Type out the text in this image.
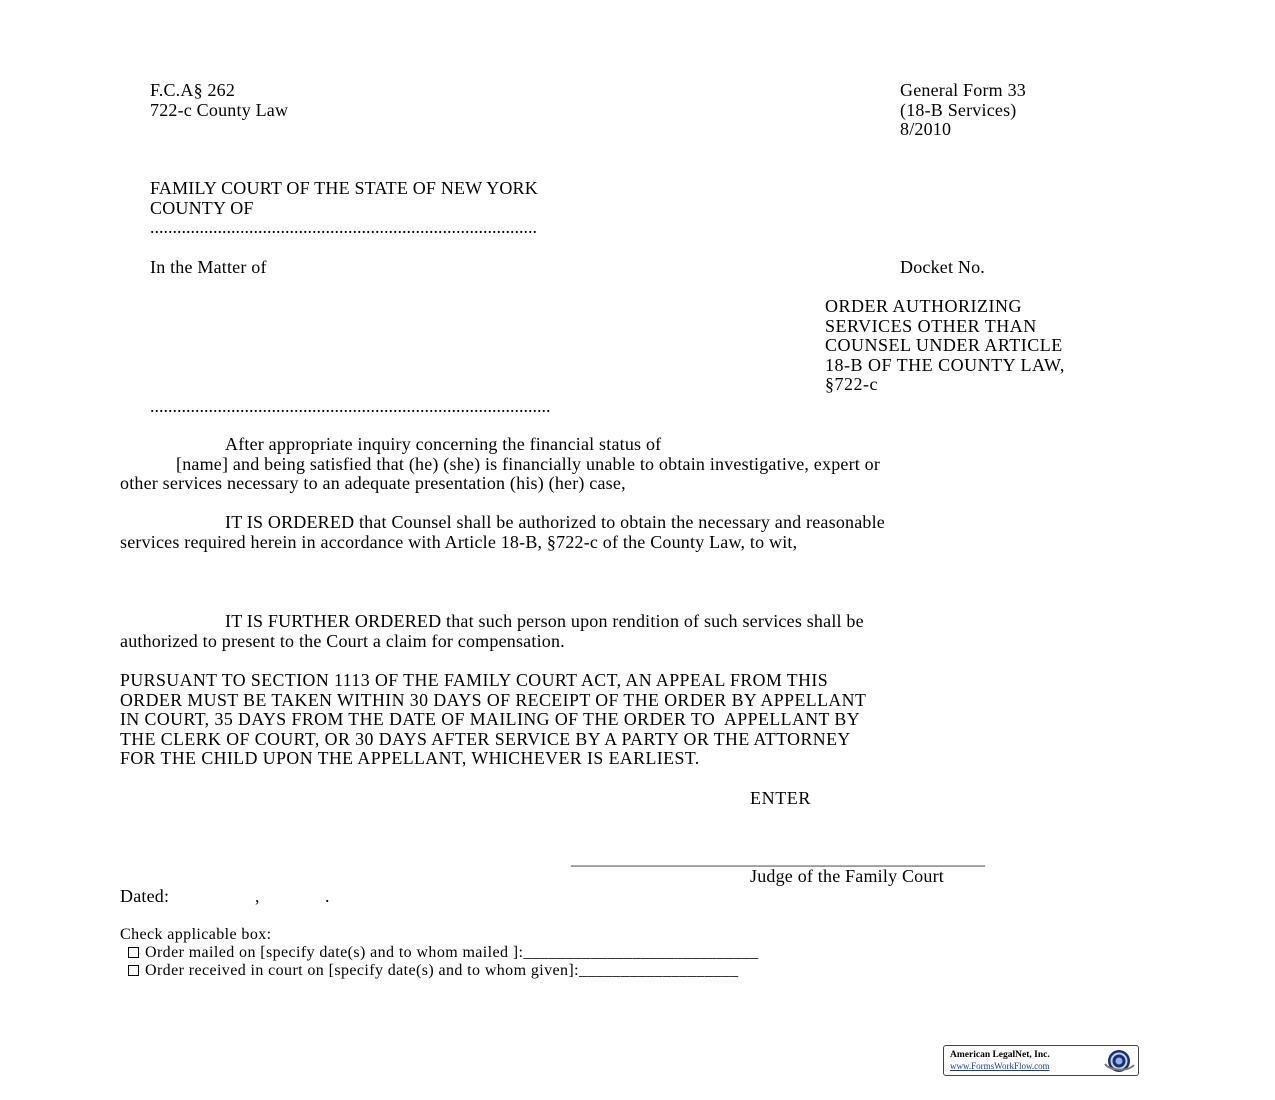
F.C.A§ 262
722-c County Law
General Form 33
(18-B Services)
8/2010
FAMILY COURT OF THE STATE OF NEW YORK
COUNTY OF
......................................................................................
In the Matter of	Docket No.
ORDER AUTHORIZING
SERVICES OTHER THAN
COUNSEL UNDER ARTICLE
18-B OF THE COUNTY LAW,
§722-c
.........................................................................................
After appropriate inquiry concerning the financial status of
[name] and being satisfied that (he) (she) is financially unable to obtain investigative, expert or
other services necessary to an adequate presentation (his) (her) case,
IT IS ORDERED that Counsel shall be authorized to obtain the necessary and reasonable
services required herein in accordance with Article 18-B, §722-c of the County Law, to wit,
IT IS FURTHER ORDERED that such person upon rendition of such services shall be
authorized to present to the Court a claim for compensation.
PURSUANT TO SECTION 1113 OF THE FAMILY COURT ACT, AN APPEAL FROM THIS
ORDER MUST BE TAKEN WITHIN 30 DAYS OF RECEIPT OF THE ORDER BY APPELLANT
IN COURT, 35 DAYS FROM THE DATE OF MAILING OF THE ORDER TO  APPELLANT BY
THE CLERK OF COURT, OR 30 DAYS AFTER SERVICE BY A PARTY OR THE ATTORNEY
FOR THE CHILD UPON THE APPELLANT, WHICHEVER IS EARLIEST.
ENTER
______________________________________________
Judge of the Family Court
Dated:	,	.
Check applicable box:
Order mailed on [specify date(s) and to whom mailed ]:____________________________
Order received in court on [specify date(s) and to whom given]:___________________
American LegalNet, Inc.
www.FormsWorkFlow.com
